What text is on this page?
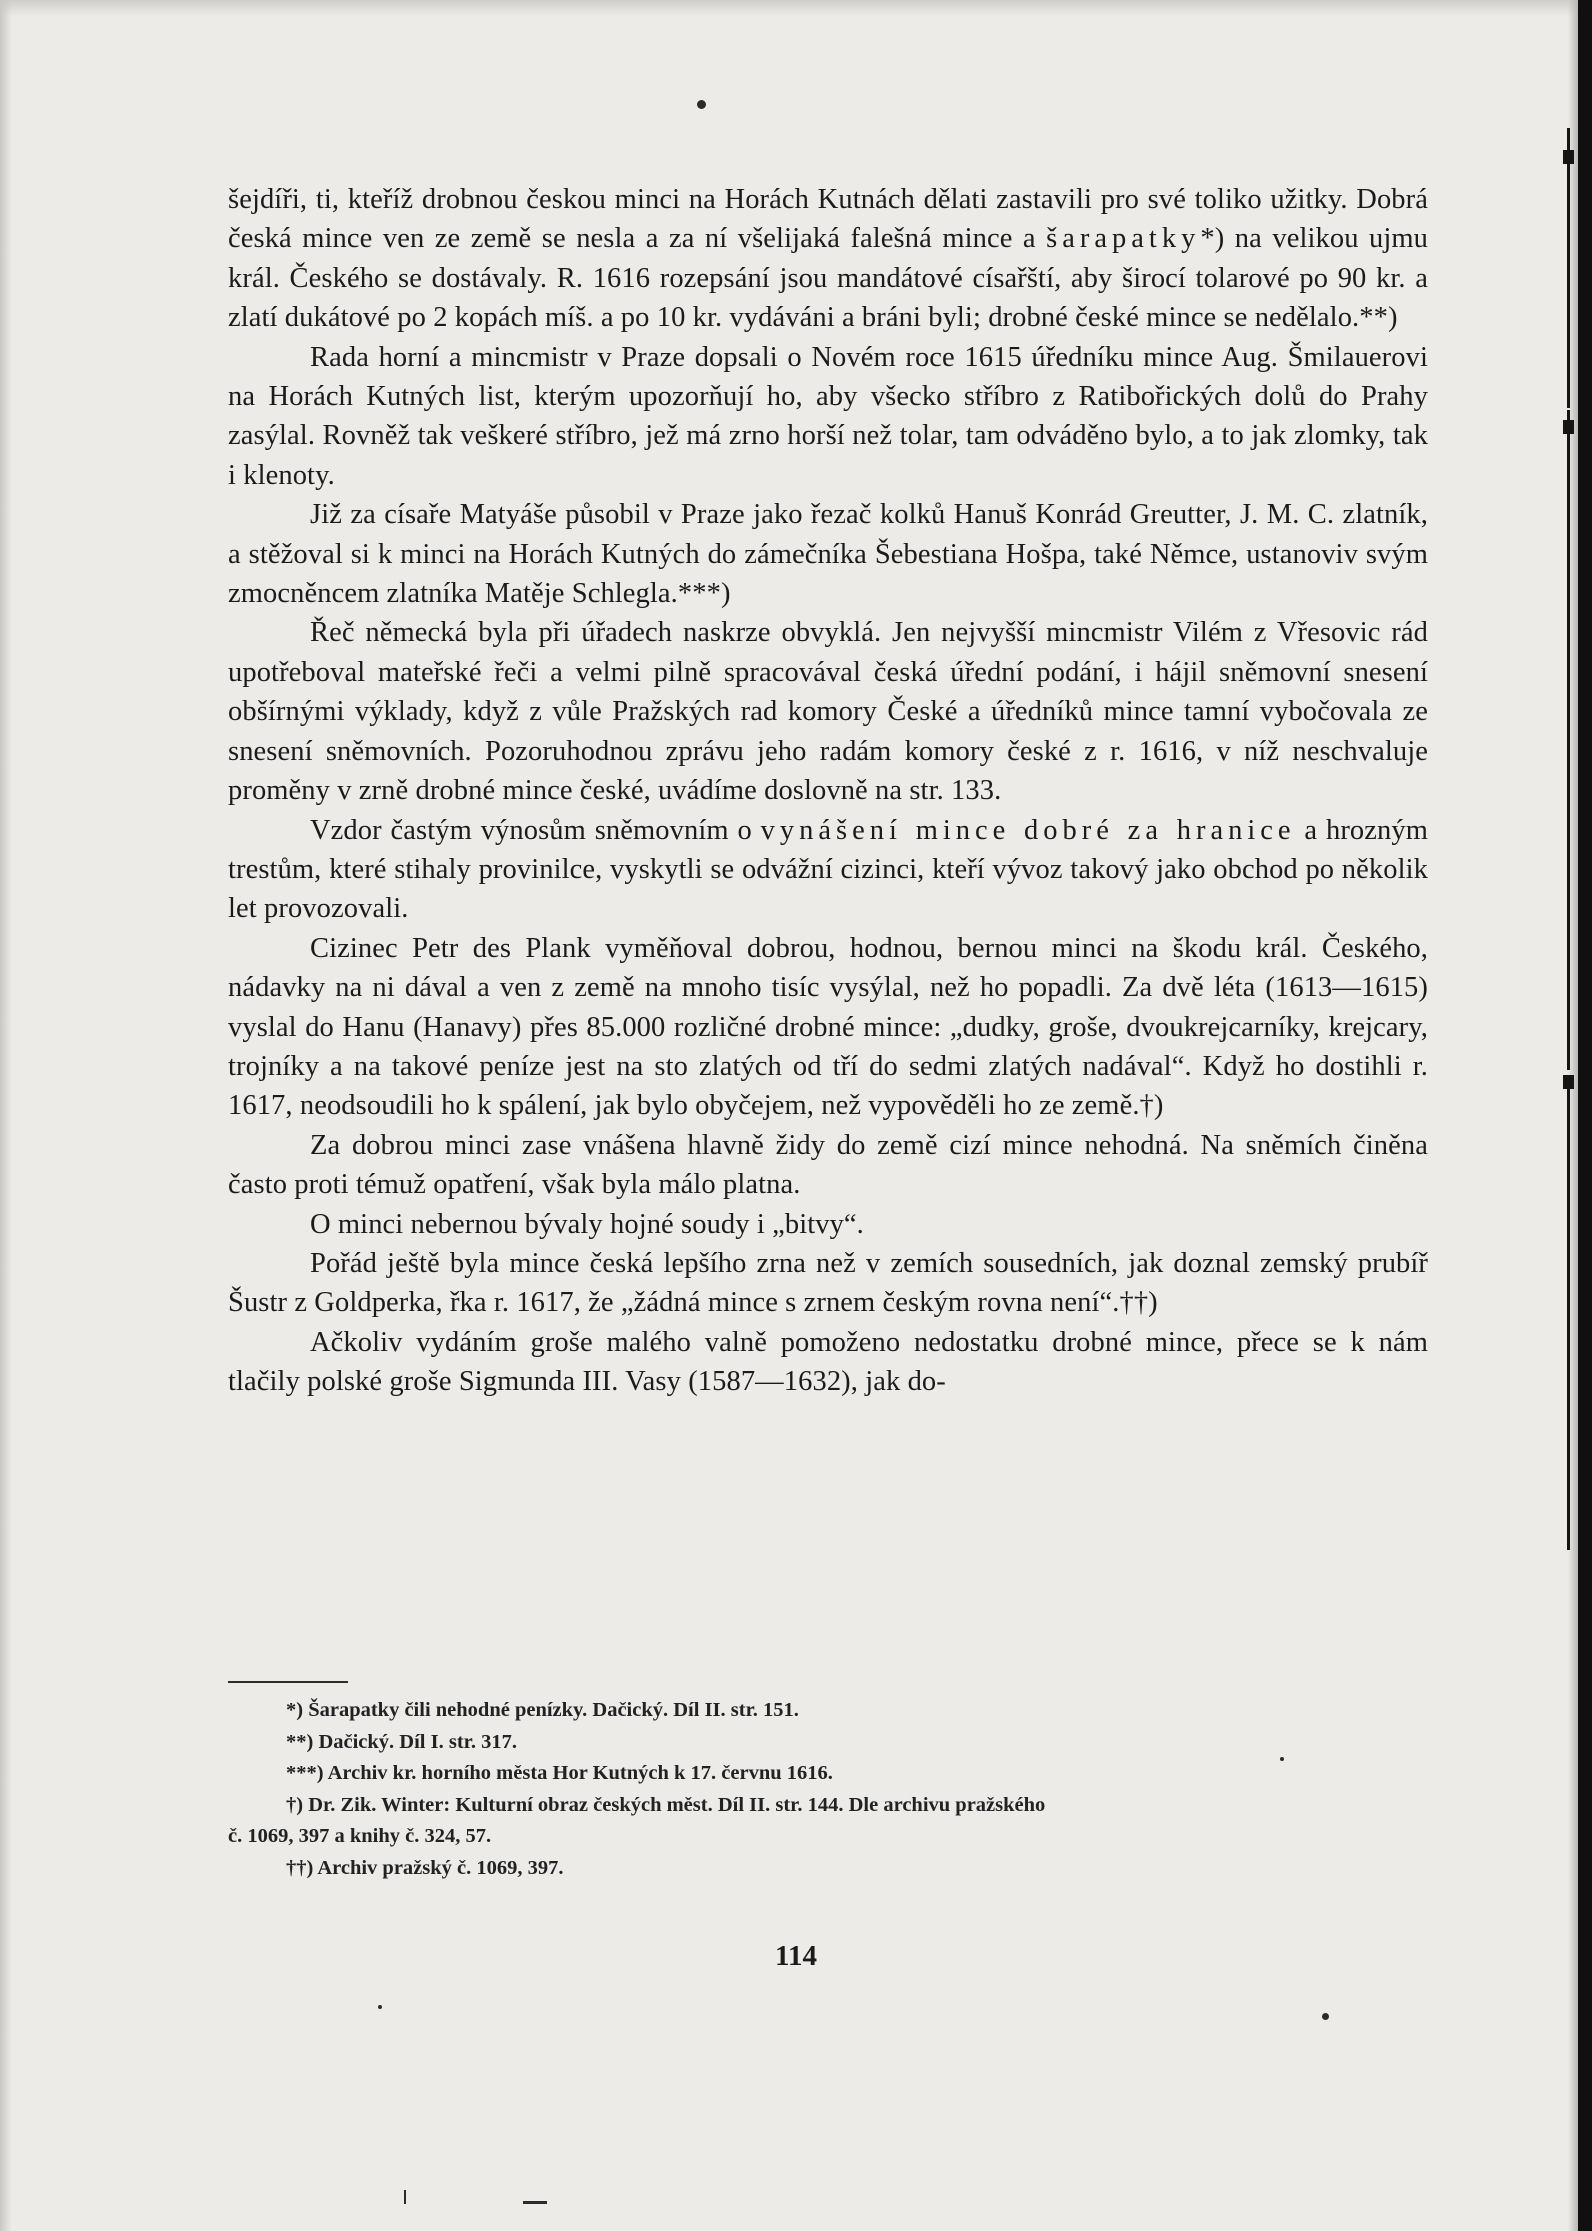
šejdíři, ti, kteříž drobnou českou minci na Horách Kutnách dělati zastavili pro své toliko užitky. Dobrá česká mince ven ze země se nesla a za ní všelijaká falešná mince a šarapatky*) na velikou ujmu král. Českého se dostávaly. R. 1616 rozepsání jsou mandátové císařští, aby širocí tolarové po 90 kr. a zlatí dukátové po 2 kopách míš. a po 10 kr. vydáváni a bráni byli; drobné české mince se nedělalo.**)

Rada horní a mincmistr v Praze dopsali o Novém roce 1615 úředníku mince Aug. Šmilauerovi na Horách Kutných list, kterým upozorňují ho, aby všecko stříbro z Ratibořických dolů do Prahy zasýlal. Rovněž tak veškeré stříbro, jež má zrno horší než tolar, tam odváděno bylo, a to jak zlomky, tak i klenoty.

Již za císaře Matyáše působil v Praze jako řezač kolků Hanuš Konrád Greutter, J. M. C. zlatník, a stěžoval si k minci na Horách Kutných do zámečníka Šebestiana Hošpa, také Němce, ustanoviv svým zmocněncem zlatníka Matěje Schlegla.***)

Řeč německá byla při úřadech naskrze obvyklá. Jen nejvyšší mincmistr Vilém z Vřesovic rád upotřeboval mateřské řeči a velmi pilně spracovával česká úřední podání, i hájil sněmovní snesení obšírnými výklady, když z vůle Pražských rad komory České a úředníků mince tamní vybočovala ze snesení sněmovních. Pozoruhodnou zprávu jeho radám komory české z r. 1616, v níž neschvaluje proměny v zrně drobné mince české, uvádíme doslovně na str. 133.

Vzdor častým výnosům sněmovním o vynášení mince dobré za hranice a hrozným trestům, které stihaly provinilce, vyskytli se odvážní cizinci, kteří vývoz takový jako obchod po několik let provozovali.

Cizinec Petr des Plank vyměňoval dobrou, hodnou, bernou minci na škodu král. Českého, nádavky na ni dával a ven z země na mnoho tisíc vysýlal, než ho popadli. Za dvě léta (1613—1615) vyslal do Hanu (Hanavy) přes 85.000 rozličné drobné mince: „dudky, groše, dvoukrejcarníky, krejcary, trojníky a na takové peníze jest na sto zlatých od tří do sedmi zlatých nadával“. Když ho dostihli r. 1617, neodsoudili ho k spálení, jak bylo obyčejem, než vypověděli ho ze země.†)

Za dobrou minci zase vnášena hlavně židy do země cizí mince nehodná. Na sněmích činěna často proti témuž opatření, však byla málo platna.

O minci nebernou bývaly hojné soudy i „bitvy“.

Pořád ještě byla mince česká lepšího zrna než v zemích sousedních, jak doznal zemský prubíř Šustr z Goldperka, řka r. 1617, že „žádná mince s zrnem českým rovna není“.††)

Ačkoliv vydáním groše malého valně pomoženo nedostatku drobné mince, přece se k nám tlačily polské groše Sigmunda III. Vasy (1587—1632), jak do-

*) Šarapatky čili nehodné penízky. Dačický. Díl II. str. 151.
**) Dačický. Díl I. str. 317.
***) Archiv kr. horního města Hor Kutných k 17. červnu 1616.
†) Dr. Zik. Winter: Kulturní obraz českých měst. Díl II. str. 144. Dle archivu pražského
č. 1069, 397 a knihy č. 324, 57.
††) Archiv pražský č. 1069, 397.
114
